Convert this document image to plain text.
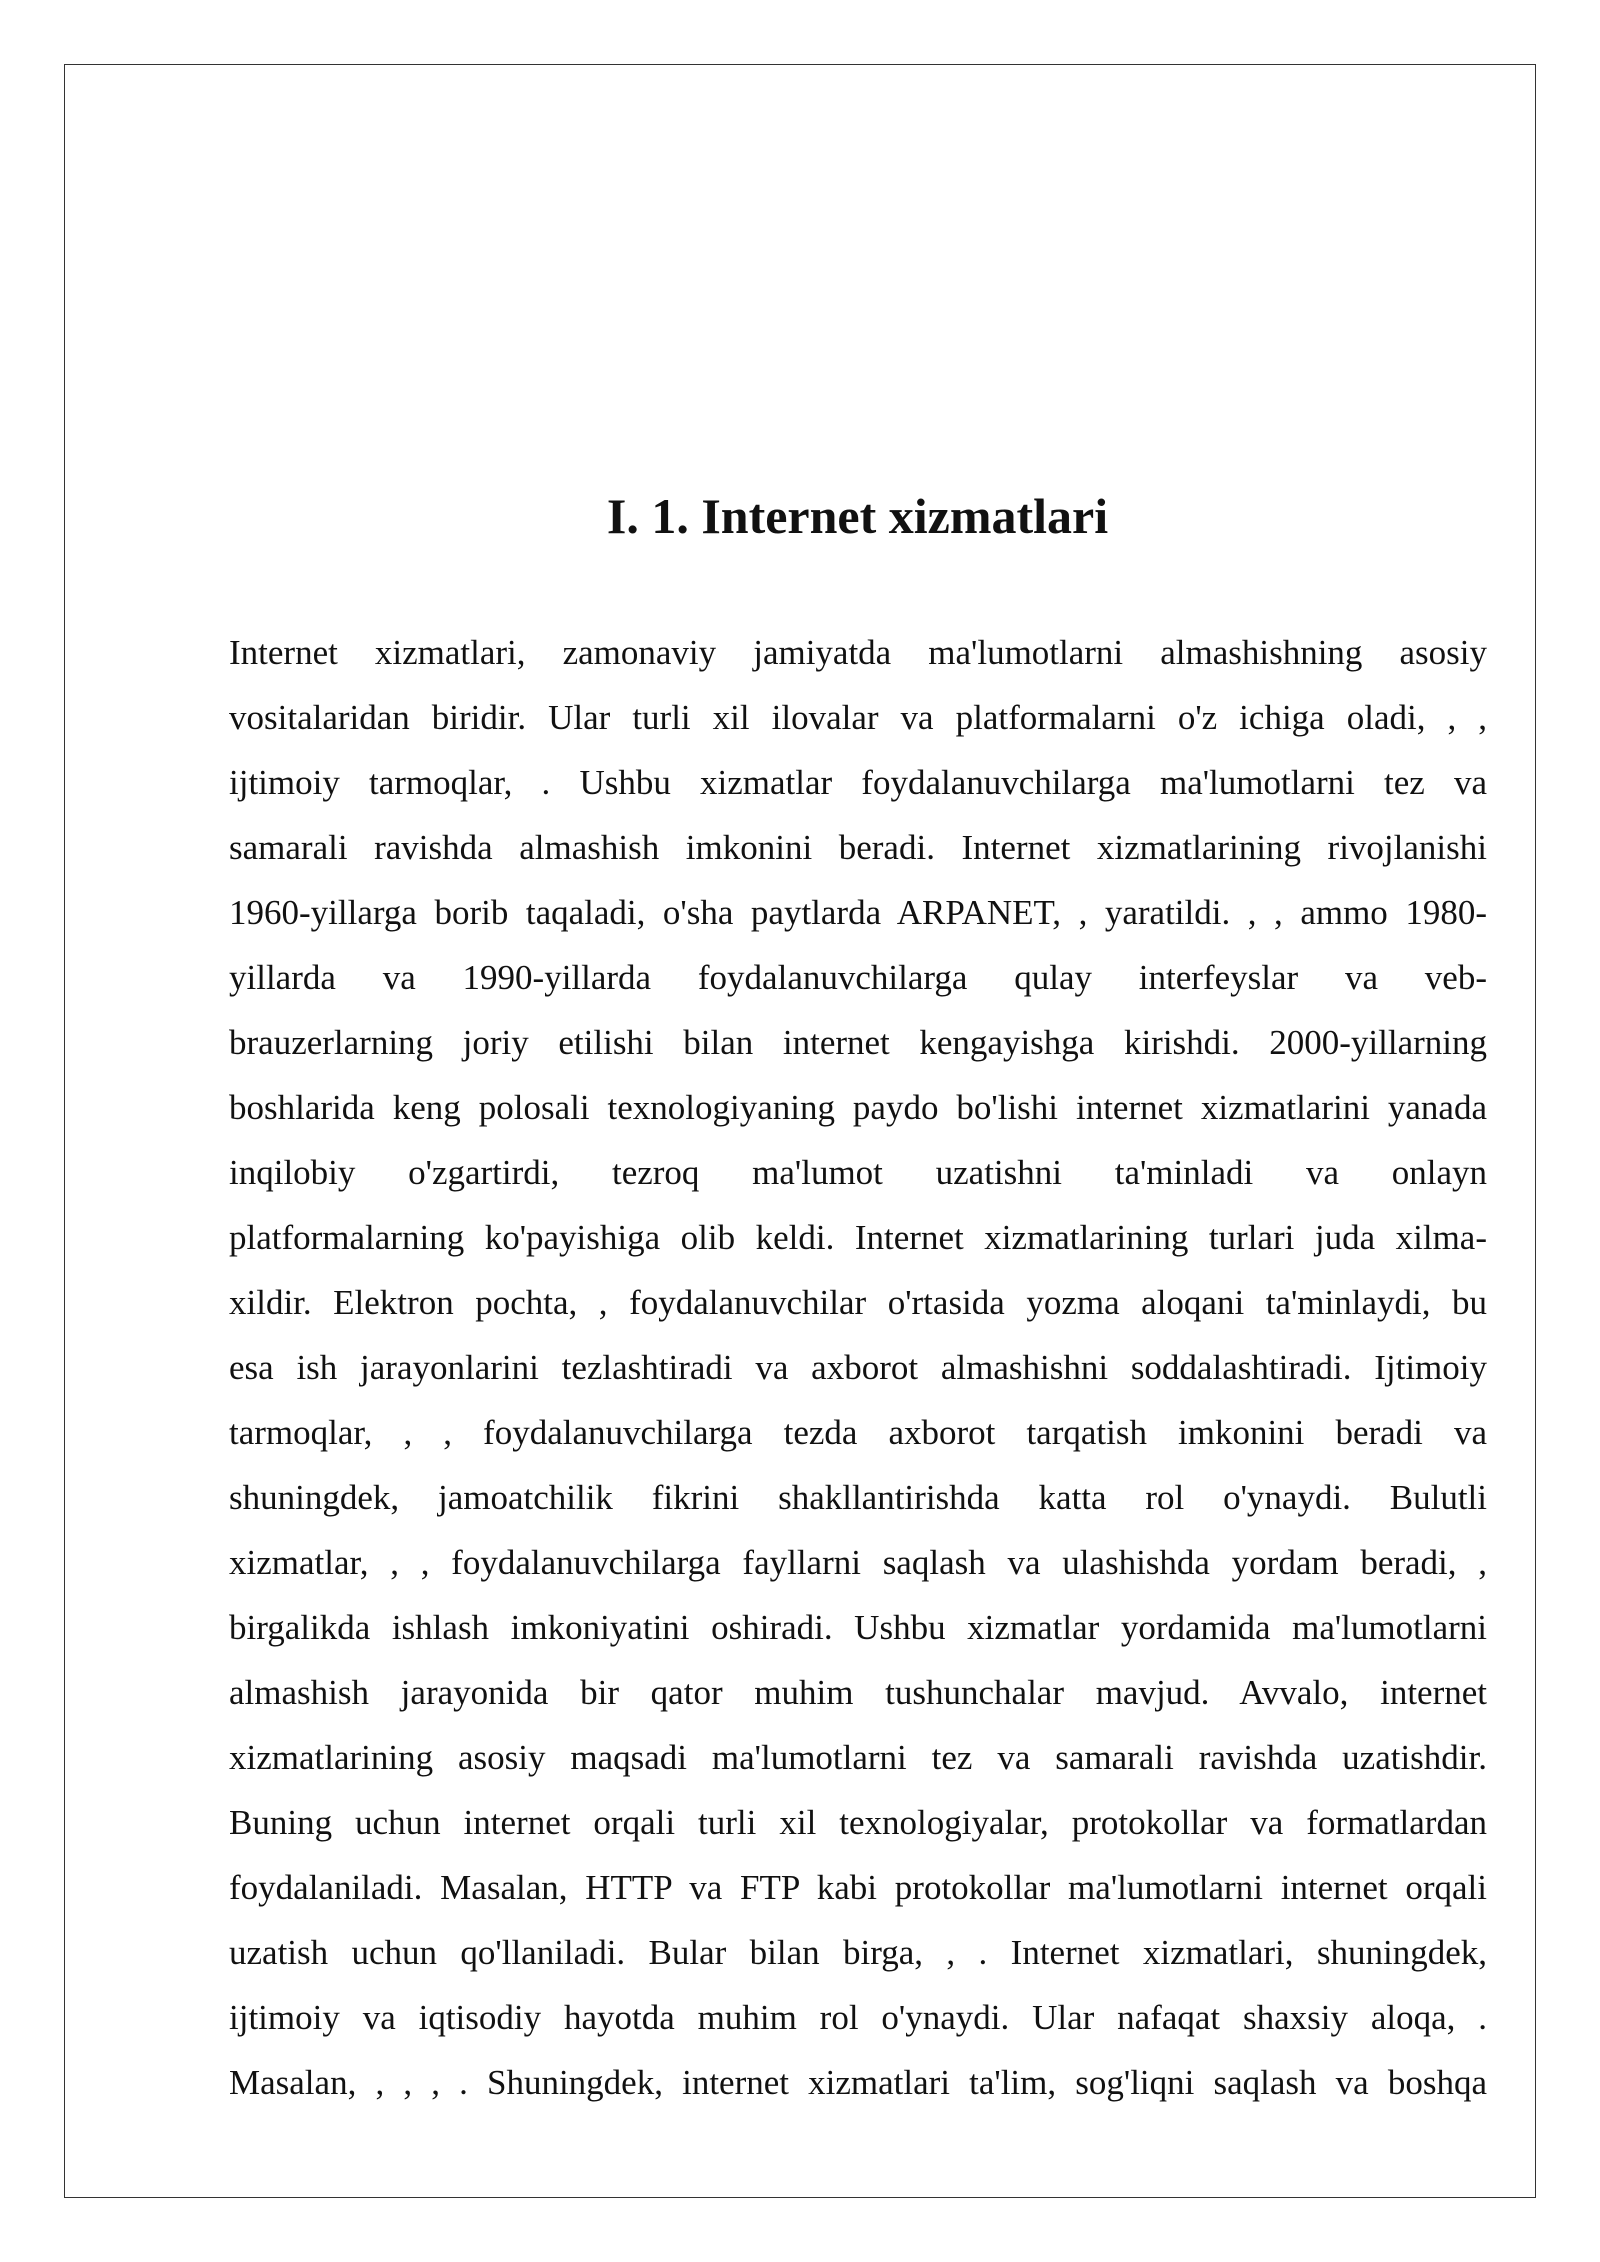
I. 1. Internet xizmatlari
Internet xizmatlari, zamonaviy jamiyatda ma'lumotlarni almashishning asosiy
vositalaridan biridir. Ular turli xil ilovalar va platformalarni o'z ichiga oladi, , ,
ijtimoiy tarmoqlar, . Ushbu xizmatlar foydalanuvchilarga ma'lumotlarni tez va
samarali ravishda almashish imkonini beradi. Internet xizmatlarining rivojlanishi
1960-yillarga borib taqaladi, o'sha paytlarda ARPANET, , yaratildi. , , ammo 1980-
yillarda va 1990-yillarda foydalanuvchilarga qulay interfeyslar va veb-
brauzerlarning joriy etilishi bilan internet kengayishga kirishdi. 2000-yillarning
boshlarida keng polosali texnologiyaning paydo bo'lishi internet xizmatlarini yanada
inqilobiy o'zgartirdi, tezroq ma'lumot uzatishni ta'minladi va onlayn
platformalarning ko'payishiga olib keldi. Internet xizmatlarining turlari juda xilma-
xildir. Elektron pochta, , foydalanuvchilar o'rtasida yozma aloqani ta'minlaydi, bu
esa ish jarayonlarini tezlashtiradi va axborot almashishni soddalashtiradi. Ijtimoiy
tarmoqlar, , , foydalanuvchilarga tezda axborot tarqatish imkonini beradi va
shuningdek, jamoatchilik fikrini shakllantirishda katta rol o'ynaydi. Bulutli
xizmatlar, , , foydalanuvchilarga fayllarni saqlash va ulashishda yordam beradi, ,
birgalikda ishlash imkoniyatini oshiradi. Ushbu xizmatlar yordamida ma'lumotlarni
almashish jarayonida bir qator muhim tushunchalar mavjud. Avvalo, internet
xizmatlarining asosiy maqsadi ma'lumotlarni tez va samarali ravishda uzatishdir.
Buning uchun internet orqali turli xil texnologiyalar, protokollar va formatlardan
foydalaniladi. Masalan, HTTP va FTP kabi protokollar ma'lumotlarni internet orqali
uzatish uchun qo'llaniladi. Bular bilan birga, , . Internet xizmatlari, shuningdek,
ijtimoiy va iqtisodiy hayotda muhim rol o'ynaydi. Ular nafaqat shaxsiy aloqa, .
Masalan, , , , . Shuningdek, internet xizmatlari ta'lim, sog'liqni saqlash va boshqa
